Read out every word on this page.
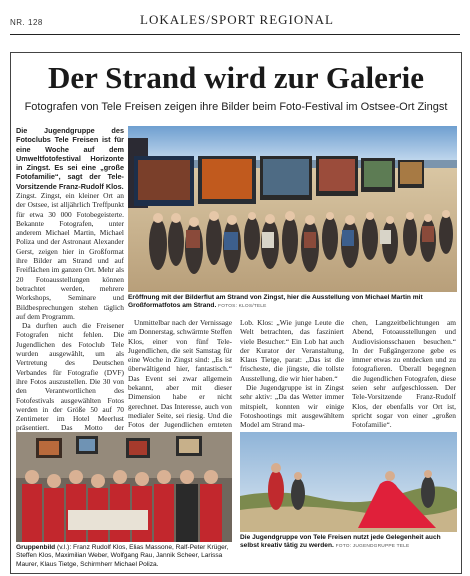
NR. 128	LOKALES/SPORT REGIONAL
Der Strand wird zur Galerie
Fotografen von Tele Freisen zeigen ihre Bilder beim Foto-Festival im Ostsee-Ort Zingst
Die Jugendgruppe des Fotoclubs Tele Freisen ist für eine Woche auf dem Umweltfotofestival Horizonte in Zingst. Es sei eine „große Fotofamilie“, sagt der Tele-Vorsitzende Franz-Rudolf Klos.

Zingst. Zingst, ein kleiner Ort an der Ostsee, ist alljährlich Treffpunkt für etwa 30 000 Fotobegeisterte. Bekannte Fotografen, unter anderem Michael Martin, Michael Poliza und der Astronaut Alexander Gerst, zeigen hier in Großformat ihre Bilder am Strand und auf Freiflächen im ganzen Ort. Mehr als 20 Fotoausstellungen können betrachtet werden, mehrere Workshops, Seminare und Bildbesprechungen stehen täglich auf dem Programm.

Da durften auch die Freisener Fotografen nicht fehlen. Die Jugendlichen des Fotoclub Tele wurden ausgewählt, um als Vertretung des Deutschen Verbandes für Fotografie (DVF) ihre Fotos auszustellen. Die 30 von den Verantwortlichen des Fotofestivals ausgewählten Fotos werden in der Größe 50 auf 70 Zentimeter im Hotel Meerlust präsentiert. Das Motto der

Eröffnung mit der Bilderflut am Strand von Zingst, hier die Ausstellung von Michael Martin mit Großformatfotos am Strand. FOTOS: KLOS/TELE

Unmittelbar nach der Vernissage am Donnerstag, schwärmte Steffen Klos, einer von fünf Tele-Jugendlichen, die seit Samstag für eine Woche in Zingst sind: „Es ist überwältigend hier, fantastisch.“ Das Event sei zwar allgemein bekannt, aber mit dieser Dimension habe er nicht gerechnet. Das Interesse, auch von medialer Seite, sei riesig. Und die Fotos der Jugendlichen ernteten

Lob. Klos: „Wie junge Leute die Welt betrachten, das fasziniert viele Besucher.“ Ein Lob hat auch der Kurator der Veranstaltung, Klaus Tietge, parat: „Das ist die frischeste, die jüngste, die tollste Ausstellung, die wir hier haben.“

Die Jugendgruppe ist in Zingst sehr aktiv: „Da das Wetter immer mitspielt, konnten wir einige Fotoshootings mit ausgewähltem Model am Strand ma-

chen, Langzeitbelichtungen am Abend, Fotoausstellungen und Audiovisionsschauen besuchen.“ In der Fußgängerzone gebe es immer etwas zu entdecken und zu fotografieren. Überall begegnen die Jugendlichen Fotografen, diese seien sehr aufgeschlossen. Der Tele-Vorsitzende Franz-Rudolf Klos, der ebenfalls vor Ort ist, spricht sogar von einer „großen Fotofamilie“.

Gruppenbild (v.l.): Franz Rudolf Klos, Elias Massone, Ralf-Peter Krüger, Steffen Klos, Maximilian Weber, Wolfgang Rau, Jannik Scheer, Larissa Maurer, Klaus Tietge, Schirmherr Michael Poliza.
Die Jugendgruppe von Tele Freisen nutzt jede Gelegenheit auch selbst kreativ tätig zu werden. FOTO: JUGENDGRUPPE TELE
